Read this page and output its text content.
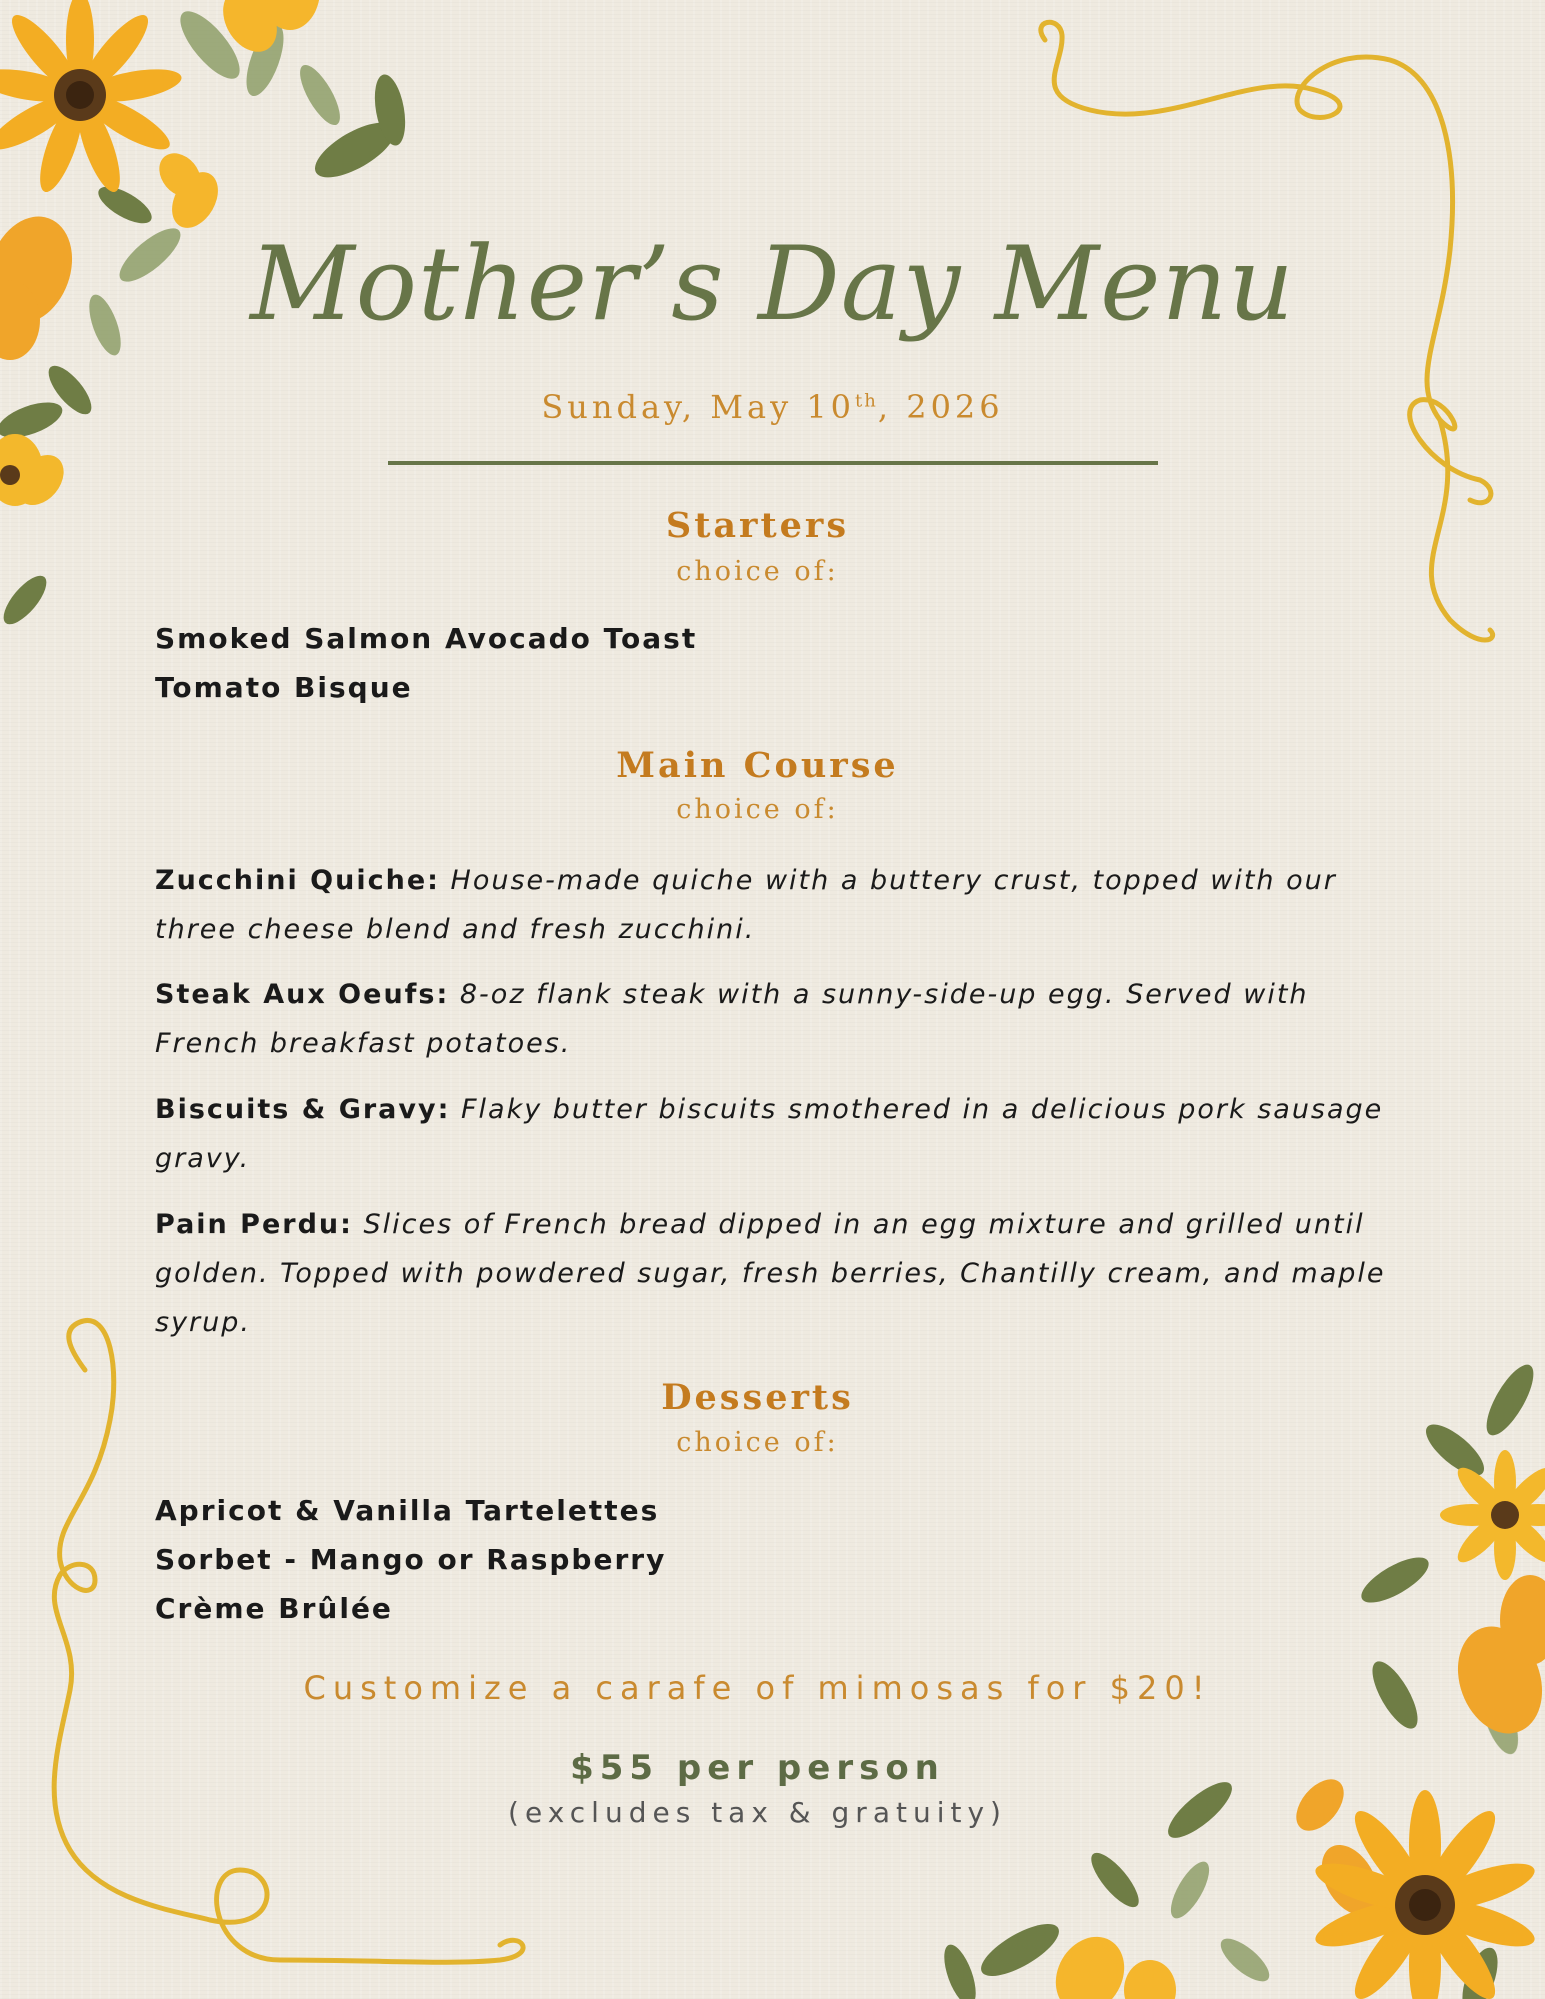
Mother’s Day Menu
Sunday, May 10th, 2026
Starters
choice of:
Smoked Salmon Avocado Toast
Tomato Bisque
Main Course
choice of:
Zucchini Quiche: House-made quiche with a buttery crust, topped with our three cheese blend and fresh zucchini.
Steak Aux Oeufs: 8-oz flank steak with a sunny-side-up egg. Served with French breakfast potatoes.
Biscuits & Gravy: Flaky butter biscuits smothered in a delicious pork sausage gravy.
Pain Perdu: Slices of French bread dipped in an egg mixture and grilled until golden. Topped with powdered sugar, fresh berries, Chantilly cream, and maple syrup.
Desserts
choice of:
Apricot & Vanilla Tartelettes
Sorbet - Mango or Raspberry
Crème Brûlée
Customize a carafe of mimosas for $20!
$55 per person
(excludes tax & gratuity)
